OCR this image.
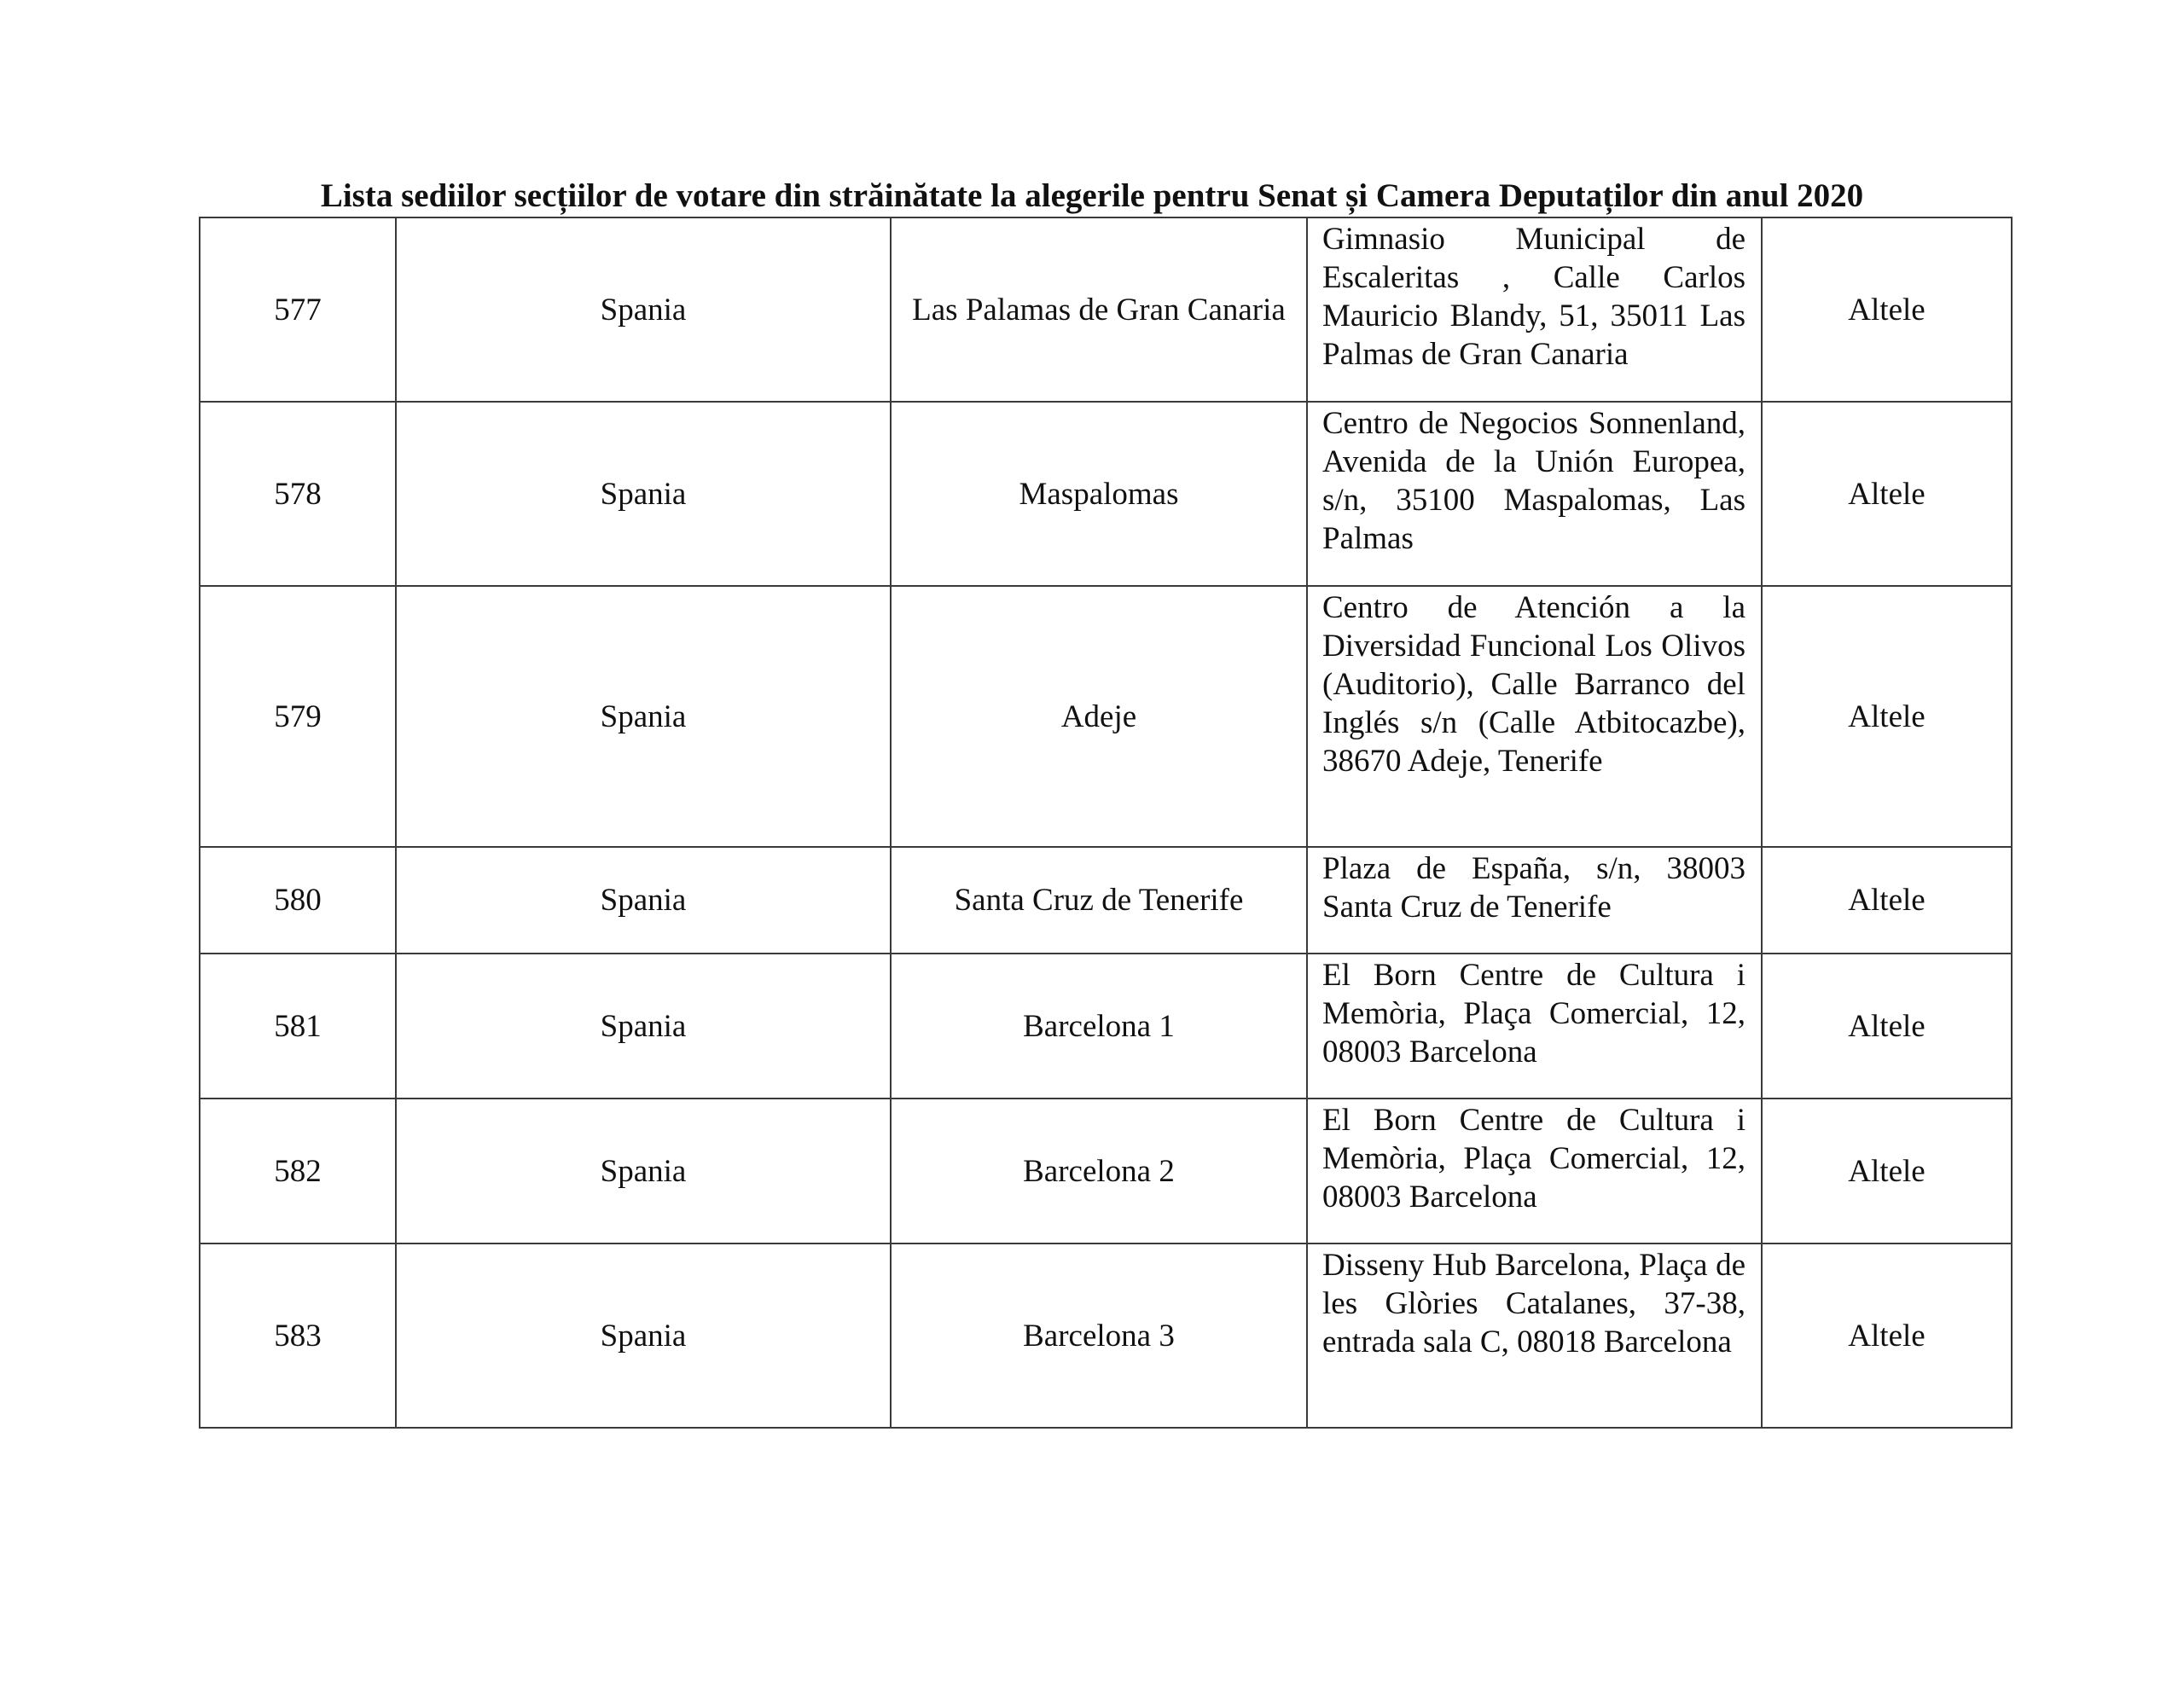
Lista sediilor secțiilor de votare din străinătate la alegerile pentru Senat și Camera Deputaților din anul 2020
577	Spania	Las Palamas de Gran Canaria	Gimnasio Municipal de Escaleritas , Calle Carlos Mauricio Blandy, 51, 35011 Las Palmas de Gran Canaria	Altele
578	Spania	Maspalomas	Centro de Negocios Sonnenland, Avenida de la Unión Europea, s/n, 35100 Maspalomas, Las Palmas	Altele
579	Spania	Adeje	Centro de Atención a la Diversidad Funcional Los Olivos (Auditorio), Calle Barranco del Inglés s/n (Calle Atbitocazbe), 38670 Adeje, Tenerife	Altele
580	Spania	Santa Cruz de Tenerife	Plaza de España, s/n, 38003 Santa Cruz de Tenerife	Altele
581	Spania	Barcelona 1	El Born Centre de Cultura i Memòria, Plaça Comercial, 12, 08003 Barcelona	Altele
582	Spania	Barcelona 2	El Born Centre de Cultura i Memòria, Plaça Comercial, 12, 08003 Barcelona	Altele
583	Spania	Barcelona 3	Disseny Hub Barcelona, Plaça de les Glòries Catalanes, 37-38, entrada sala C, 08018 Barcelona	Altele
